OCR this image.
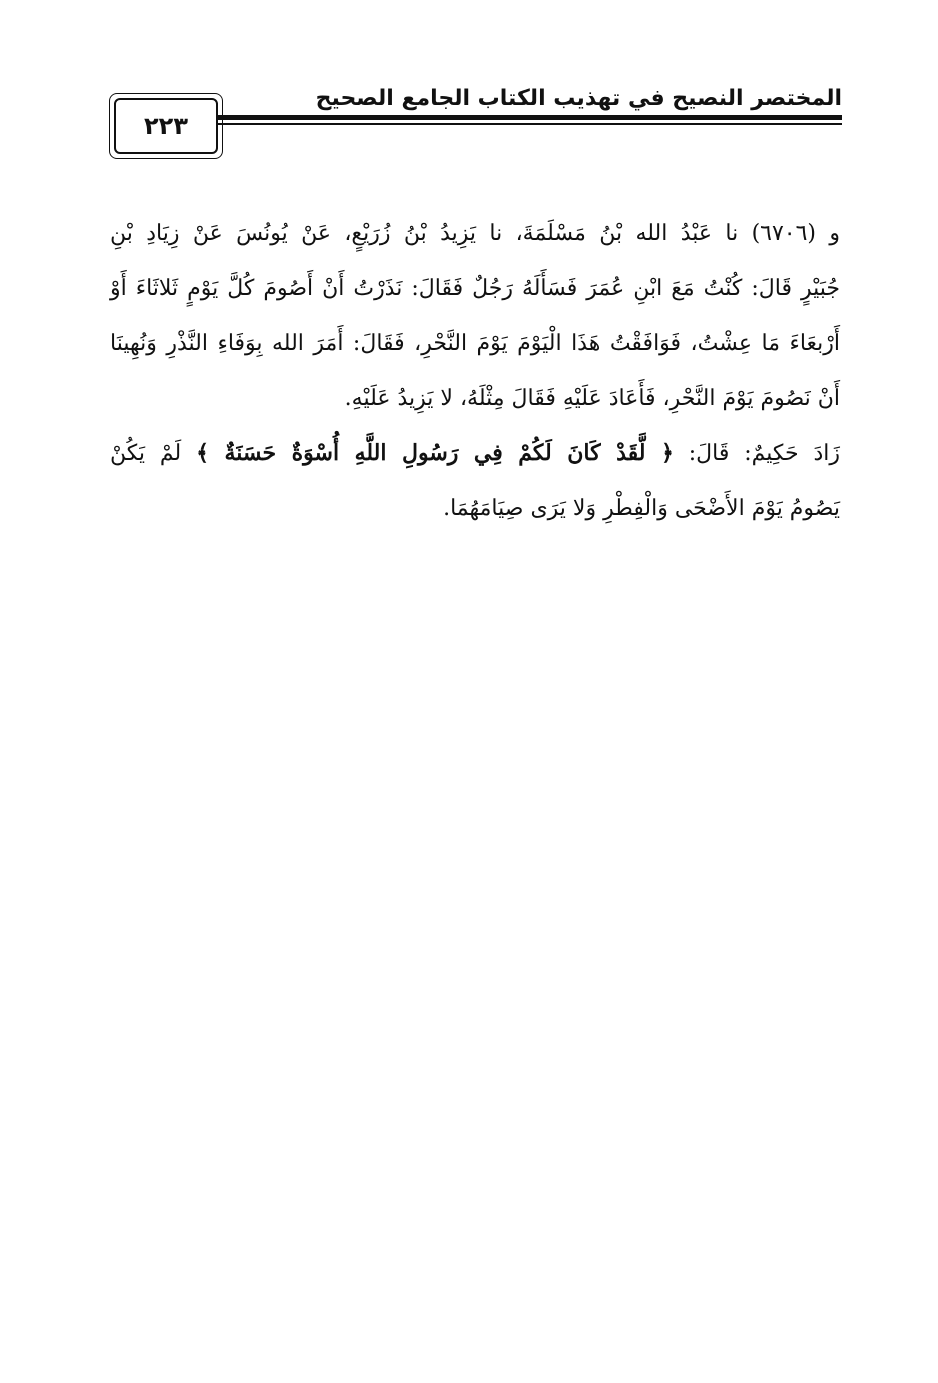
المختصر النصيح في تهذيب الكتاب الجامع الصحيح
٢٢٣
و (٦٧٠٦) نا عَبْدُ الله بْنُ مَسْلَمَةَ، نا يَزِيدُ بْنُ زُرَيْعٍ، عَنْ يُونُسَ عَنْ زِيَادِ بْنِ
جُبَيْرٍ قَالَ: كُنْتُ مَعَ ابْنِ عُمَرَ فَسَأَلَهُ رَجُلٌ فَقَالَ: نَذَرْتُ أَنْ أَصُومَ كُلَّ يَوْمٍ ثَلاثَاءَ أَوْ
أَرْبعَاءَ مَا عِشْتُ، فَوَافَقْتُ هَذَا الْيَوْمَ يَوْمَ النَّحْرِ، فَقَالَ: أَمَرَ الله بِوَفَاءِ النَّذْرِ وَنُهِينَا
أَنْ نَصُومَ يَوْمَ النَّحْرِ، فَأَعَادَ عَلَيْهِ فَقَالَ مِثْلَهُ، لا يَزِيدُ عَلَيْهِ.
زَادَ حَكِيمٌ: قَالَ: ﴿ لَّقَدْ كَانَ لَكُمْ فِي رَسُولِ اللَّهِ أُسْوَةٌ حَسَنَةٌ ﴾ لَمْ يَكُنْ
يَصُومُ يَوْمَ الأَضْحَى وَالْفِطْرِ وَلا يَرَى صِيَامَهُمَا.
